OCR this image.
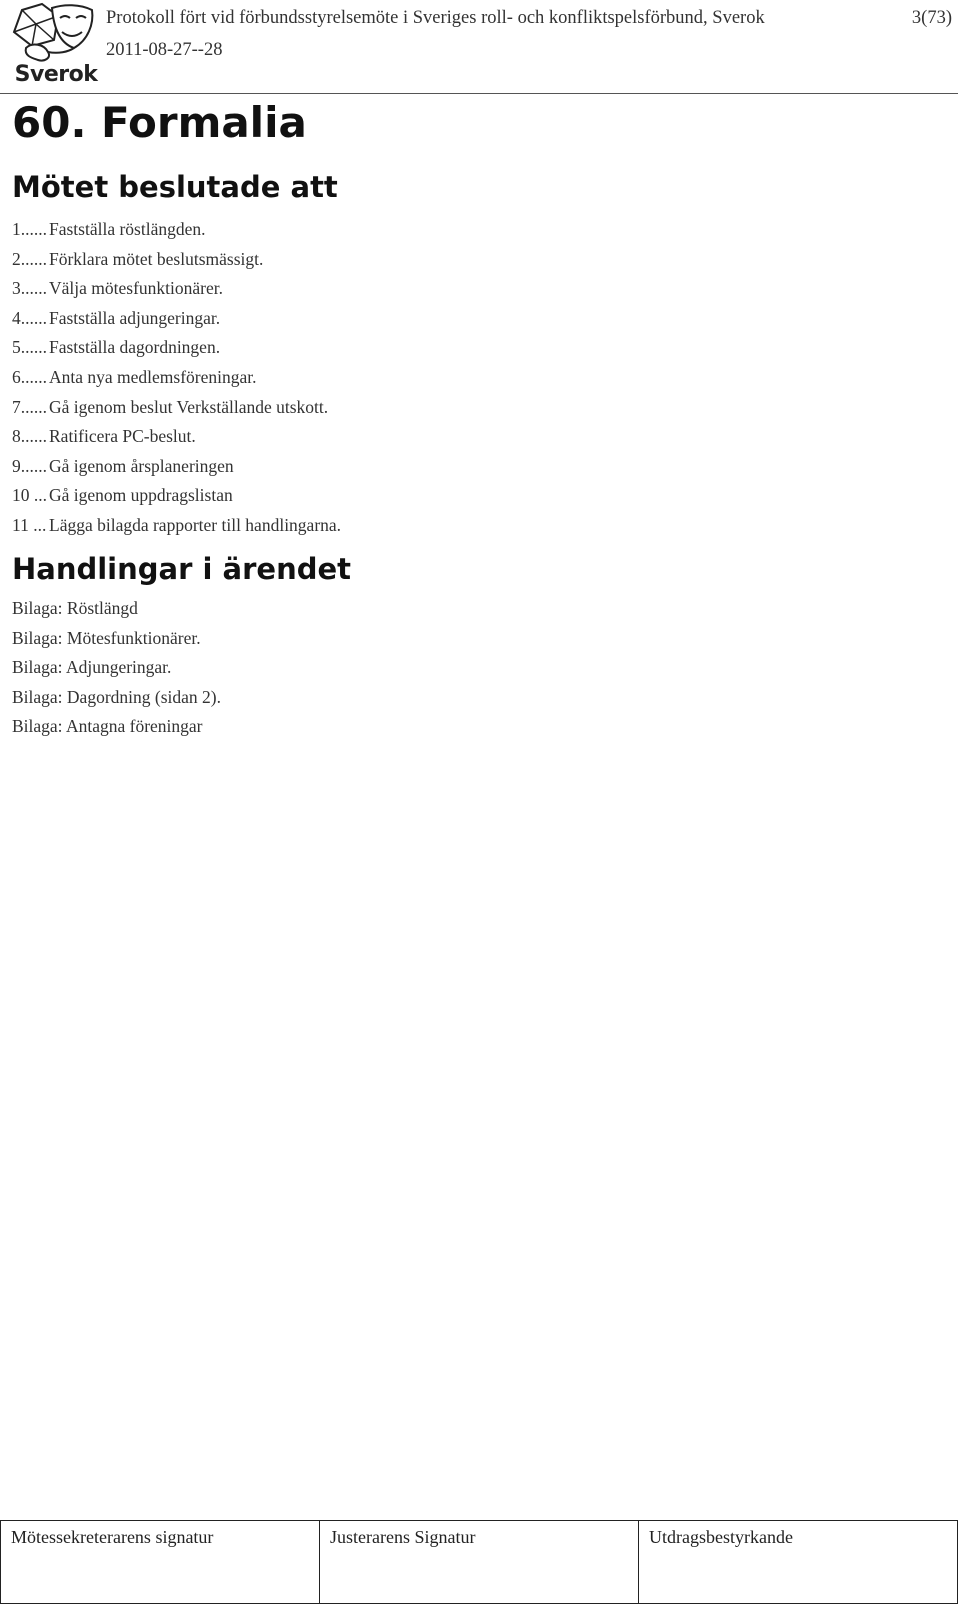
Sverok
Protokoll fört vid förbundsstyrelsemöte i Sveriges roll- och konfliktspelsförbund, Sverok
2011-08-27--28
3(73)
60. Formalia
Mötet beslutade att
1...... Fastställa röstlängden.
2...... Förklara mötet beslutsmässigt.
3...... Välja mötesfunktionärer.
4...... Fastställa adjungeringar.
5...... Fastställa dagordningen.
6...... Anta nya medlemsföreningar.
7...... Gå igenom beslut Verkställande utskott.
8...... Ratificera PC-beslut.
9...... Gå igenom årsplaneringen
10 ... Gå igenom uppdragslistan
11 ... Lägga bilagda rapporter till handlingarna.
Handlingar i ärendet
Bilaga: Röstlängd
Bilaga: Mötesfunktionärer.
Bilaga: Adjungeringar.
Bilaga: Dagordning (sidan 2).
Bilaga: Antagna föreningar
Mötessekreterarens signatur	Justerarens Signatur	Utdragsbestyrkande
